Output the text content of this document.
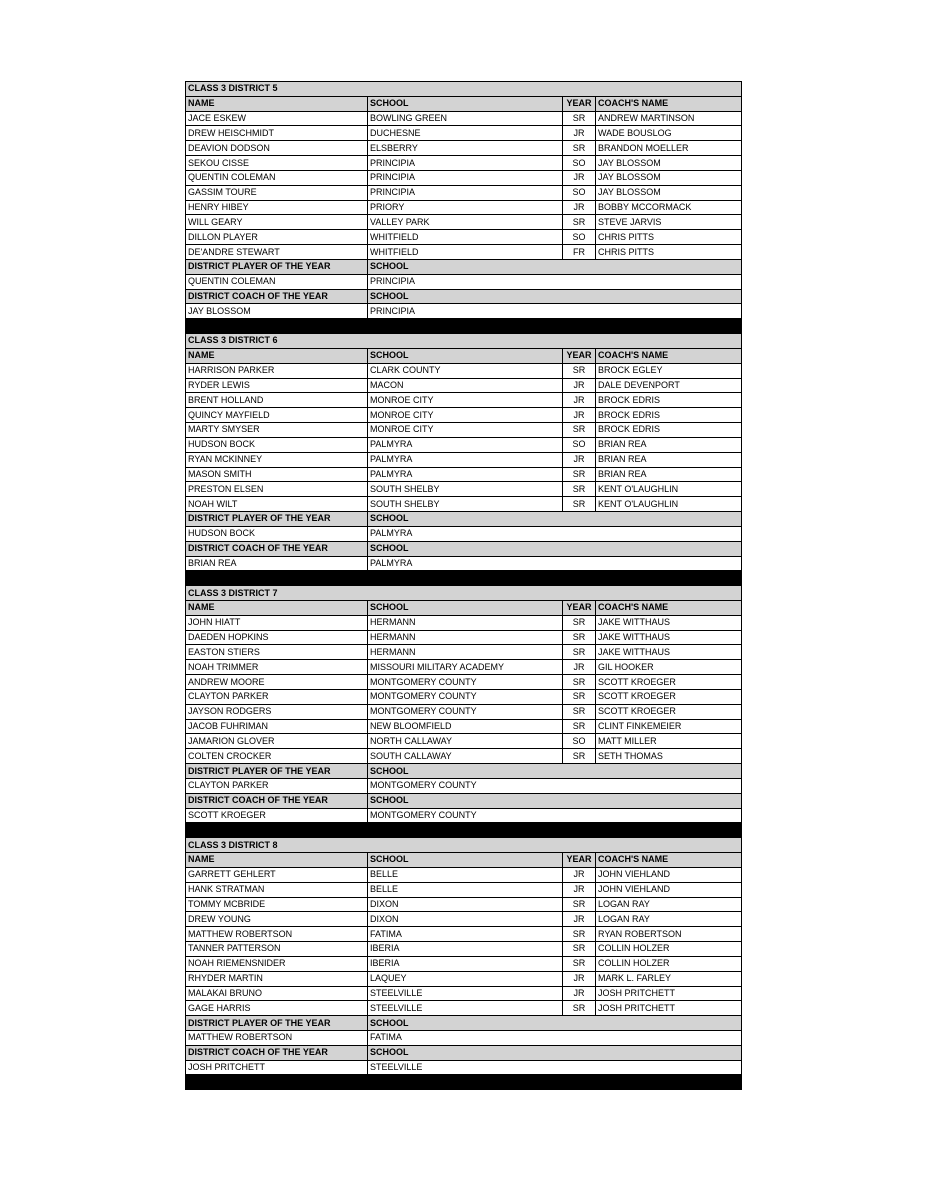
CLASS 3 DISTRICT 5			
NAME	SCHOOL	YEAR	COACH'S NAME
JACE ESKEW	BOWLING GREEN	SR	ANDREW MARTINSON
DREW HEISCHMIDT	DUCHESNE	JR	WADE BOUSLOG
DEAVION DODSON	ELSBERRY	SR	BRANDON MOELLER
SEKOU CISSE	PRINCIPIA	SO	JAY BLOSSOM
QUENTIN COLEMAN	PRINCIPIA	JR	JAY BLOSSOM
GASSIM TOURE	PRINCIPIA	SO	JAY BLOSSOM
HENRY HIBEY	PRIORY	JR	BOBBY MCCORMACK
WILL GEARY	VALLEY PARK	SR	STEVE JARVIS
DILLON PLAYER	WHITFIELD	SO	CHRIS PITTS
DE'ANDRE STEWART	WHITFIELD	FR	CHRIS PITTS
DISTRICT PLAYER OF THE YEAR	SCHOOL		
QUENTIN COLEMAN	PRINCIPIA		
DISTRICT COACH OF THE YEAR	SCHOOL		
JAY BLOSSOM	PRINCIPIA		

CLASS 3 DISTRICT 6			
NAME	SCHOOL	YEAR	COACH'S NAME
HARRISON PARKER	CLARK COUNTY	SR	BROCK EGLEY
RYDER LEWIS	MACON	JR	DALE DEVENPORT
BRENT HOLLAND	MONROE CITY	JR	BROCK EDRIS
QUINCY MAYFIELD	MONROE CITY	JR	BROCK EDRIS
MARTY SMYSER	MONROE CITY	SR	BROCK EDRIS
HUDSON BOCK	PALMYRA	SO	BRIAN REA
RYAN MCKINNEY	PALMYRA	JR	BRIAN REA
MASON SMITH	PALMYRA	SR	BRIAN REA
PRESTON ELSEN	SOUTH SHELBY	SR	KENT O'LAUGHLIN
NOAH WILT	SOUTH SHELBY	SR	KENT O'LAUGHLIN
DISTRICT PLAYER OF THE YEAR	SCHOOL		
HUDSON BOCK	PALMYRA		
DISTRICT COACH OF THE YEAR	SCHOOL		
BRIAN REA	PALMYRA		

CLASS 3 DISTRICT 7			
NAME	SCHOOL	YEAR	COACH'S NAME
JOHN HIATT	HERMANN	SR	JAKE WITTHAUS
DAEDEN HOPKINS	HERMANN	SR	JAKE WITTHAUS
EASTON STIERS	HERMANN	SR	JAKE WITTHAUS
NOAH TRIMMER	MISSOURI MILITARY ACADEMY	JR	GIL HOOKER
ANDREW MOORE	MONTGOMERY COUNTY	SR	SCOTT KROEGER
CLAYTON PARKER	MONTGOMERY COUNTY	SR	SCOTT KROEGER
JAYSON RODGERS	MONTGOMERY COUNTY	SR	SCOTT KROEGER
JACOB FUHRIMAN	NEW BLOOMFIELD	SR	CLINT FINKEMEIER
JAMARION GLOVER	NORTH CALLAWAY	SO	MATT MILLER
COLTEN CROCKER	SOUTH CALLAWAY	SR	SETH THOMAS
DISTRICT PLAYER OF THE YEAR	SCHOOL		
CLAYTON PARKER	MONTGOMERY COUNTY		
DISTRICT COACH OF THE YEAR	SCHOOL		
SCOTT KROEGER	MONTGOMERY COUNTY		

CLASS 3 DISTRICT 8			
NAME	SCHOOL	YEAR	COACH'S NAME
GARRETT GEHLERT	BELLE	JR	JOHN VIEHLAND
HANK STRATMAN	BELLE	JR	JOHN VIEHLAND
TOMMY MCBRIDE	DIXON	SR	LOGAN RAY
DREW YOUNG	DIXON	JR	LOGAN RAY
MATTHEW ROBERTSON	FATIMA	SR	RYAN ROBERTSON
TANNER PATTERSON	IBERIA	SR	COLLIN HOLZER
NOAH RIEMENSNIDER	IBERIA	SR	COLLIN HOLZER
RHYDER MARTIN	LAQUEY	JR	MARK L. FARLEY
MALAKAI BRUNO	STEELVILLE	JR	JOSH PRITCHETT
GAGE HARRIS	STEELVILLE	SR	JOSH PRITCHETT
DISTRICT PLAYER OF THE YEAR	SCHOOL		
MATTHEW ROBERTSON	FATIMA		
DISTRICT COACH OF THE YEAR	SCHOOL		
JOSH PRITCHETT	STEELVILLE		
